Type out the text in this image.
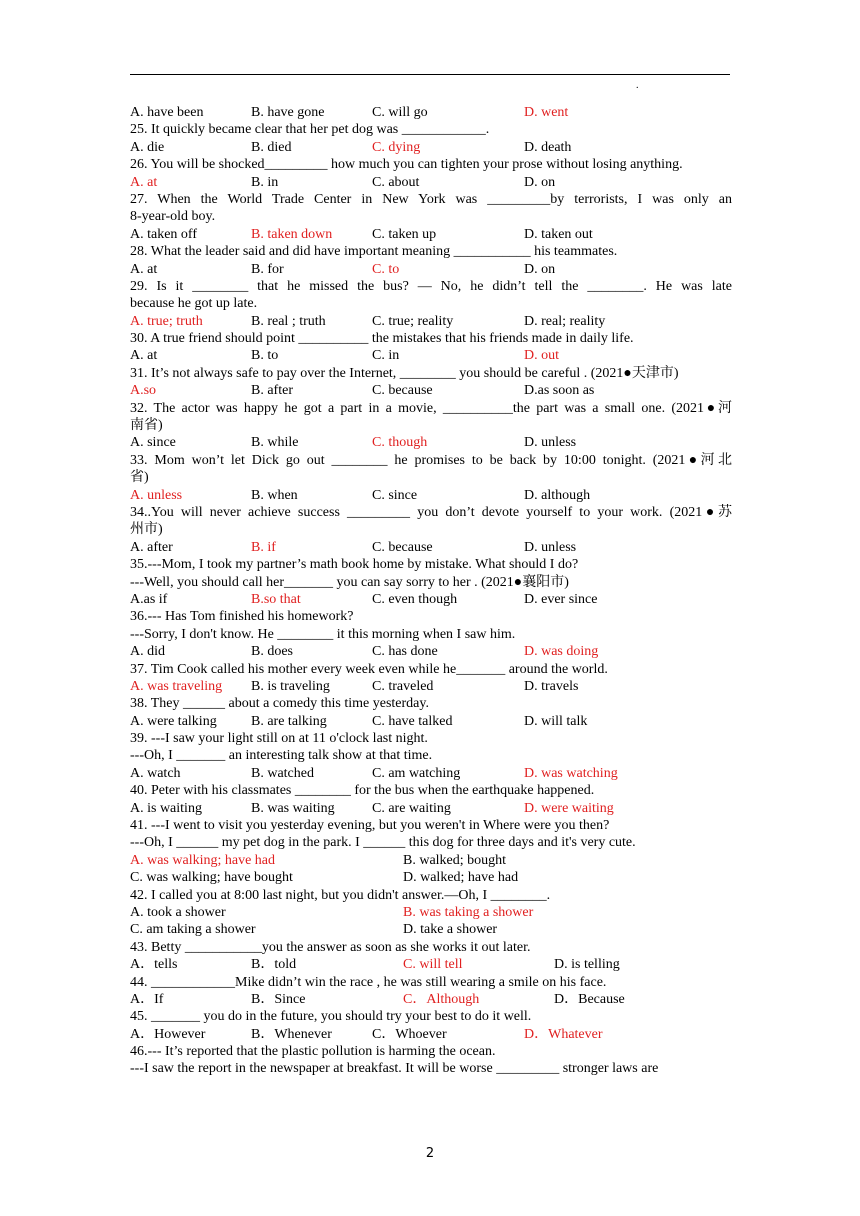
.
A. have been	B. have gone	C. will go	D. went
25. It quickly became clear that her pet dog was ____________.
A. die	B. died	C. dying	D. death
26. You will be shocked_________ how much you can tighten your prose without losing anything.
A. at	B. in	C. about	D. on
27. When the World Trade Center in New York was _________by terrorists, I was only an
8-year-old boy.
A. taken off	B. taken down	C. taken up	D. taken out
28. What the leader said and did have important meaning ___________ his teammates.
A. at	B. for	C. to	D. on
29. Is it ________ that he missed the bus? — No, he didn’t tell the ________. He was late
because he got up late.
A. true; truth	B. real ; truth	C. true; reality	D. real; reality
30. A true friend should point __________ the mistakes that his friends made in daily life.
A. at	B. to	C. in	D. out
31. It’s not always safe to pay over the Internet, ________ you should be careful . (2021●天津市)
A.so	B. after	C. because	D.as soon as
32. The actor was happy he got a part in a movie, __________the part was a small one. (2021●河
南省)
A. since	B. while	C. though	D. unless
33. Mom won’t let Dick go out ________ he promises to be back by 10:00 tonight. (2021●河北
省)
A. unless	B. when	C. since	D. although
34..You will never achieve success _________ you don’t devote yourself to your work. (2021●苏
州市)
A. after	B. if	C. because	D. unless
35.---Mom, I took my partner’s math book home by mistake. What should I do?
---Well, you should call her_______ you can say sorry to her . (2021●襄阳市)
A.as if	B.so that	C. even though	D. ever since
36.--- Has Tom finished his homework?
---Sorry, I don't know. He ________ it this morning when I saw him.
A. did	B. does	C. has done	D. was doing
37. Tim Cook called his mother every week even while he_______ around the world.
A. was traveling B. is traveling	C. traveled	D. travels
38. They ______ about a comedy this time yesterday.
A. were talking B. are talking	C. have talked	D. will talk
39. ---I saw your light still on at 11 o'clock last night.
---Oh, I _______ an interesting talk show at that time.
A. watch	B. watched	C. am watching	D. was watching
40. Peter with his classmates ________ for the bus when the earthquake happened.
A. is waiting	B. was waiting	C. are waiting	D. were waiting
41. ---I went to visit you yesterday evening, but you weren't in Where were you then?
---Oh, I ______ my pet dog in the park. I ______ this dog for three days and it's very cute.
A. was walking; have had	B. walked; bought
C. was walking; have bought	D. walked; have had
42. I called you at 8:00 last night, but you didn't answer.—Oh, I ________.
A. took a shower	B. was taking a shower
C. am taking a shower	D. take a shower
43. Betty ___________you the answer as soon as she works it out later.
A．tells	B．told	C. will tell	D. is telling
44. ____________Mike didn’t win the race , he was still wearing a smile on his face.
A．If	B．Since	C．Although	D．Because
45. _______ you do in the future, you should try your best to do it well.
A．However	B．Whenever	C．Whoever	D．Whatever
46.--- It’s reported that the plastic pollution is harming the ocean.
---I saw the report in the newspaper at breakfast. It will be worse _________ stronger laws are
2
